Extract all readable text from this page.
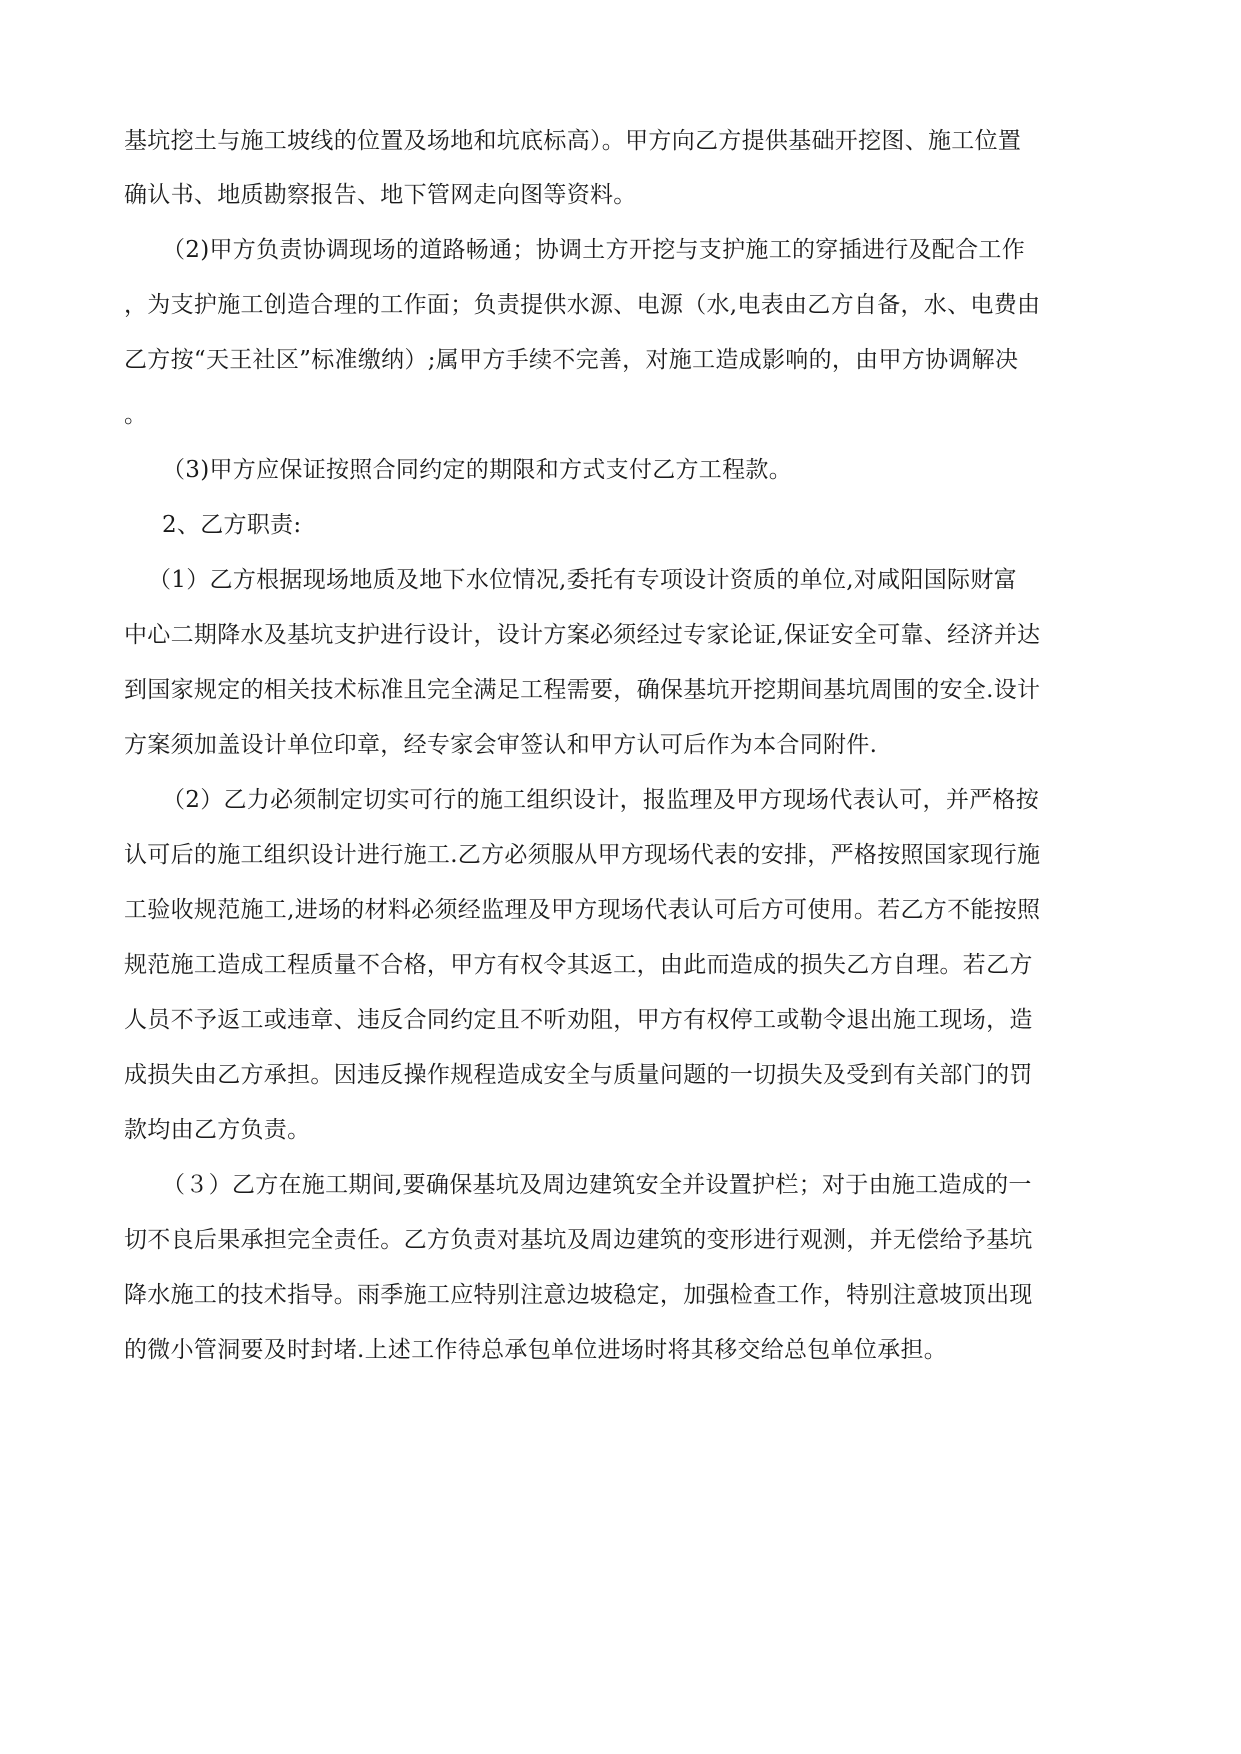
基坑挖土与施工坡线的位置及场地和坑底标高）。甲方向乙方提供基础开挖图、施工位置
确认书、地质勘察报告、地下管网走向图等资料。
（2)甲方负责协调现场的道路畅通；协调土方开挖与支护施工的穿插进行及配合工作
，为支护施工创造合理的工作面；负责提供水源、电源（水,电表由乙方自备，水、电费由
乙方按“天王社区”标准缴纳）;属甲方手续不完善，对施工造成影响的，由甲方协调解决
。
（3)甲方应保证按照合同约定的期限和方式支付乙方工程款。
2、乙方职责:
（1）乙方根据现场地质及地下水位情况,委托有专项设计资质的单位,对咸阳国际财富
中心二期降水及基坑支护进行设计，设计方案必须经过专家论证,保证安全可靠、经济并达
到国家规定的相关技术标准且完全满足工程需要，确保基坑开挖期间基坑周围的安全.设计
方案须加盖设计单位印章，经专家会审签认和甲方认可后作为本合同附件.
（2）乙力必须制定切实可行的施工组织设计，报监理及甲方现场代表认可，并严格按
认可后的施工组织设计进行施工.乙方必须服从甲方现场代表的安排，严格按照国家现行施
工验收规范施工,进场的材料必须经监理及甲方现场代表认可后方可使用。若乙方不能按照
规范施工造成工程质量不合格，甲方有权令其返工，由此而造成的损失乙方自理。若乙方
人员不予返工或违章、违反合同约定且不听劝阻，甲方有权停工或勒令退出施工现场，造
成损失由乙方承担。因违反操作规程造成安全与质量问题的一切损失及受到有关部门的罚
款均由乙方负责。
（３）乙方在施工期间,要确保基坑及周边建筑安全并设置护栏；对于由施工造成的一
切不良后果承担完全责任。乙方负责对基坑及周边建筑的变形进行观测，并无偿给予基坑
降水施工的技术指导。雨季施工应特别注意边坡稳定，加强检查工作，特别注意坡顶出现
的微小管洞要及时封堵.上述工作待总承包单位进场时将其移交给总包单位承担。
